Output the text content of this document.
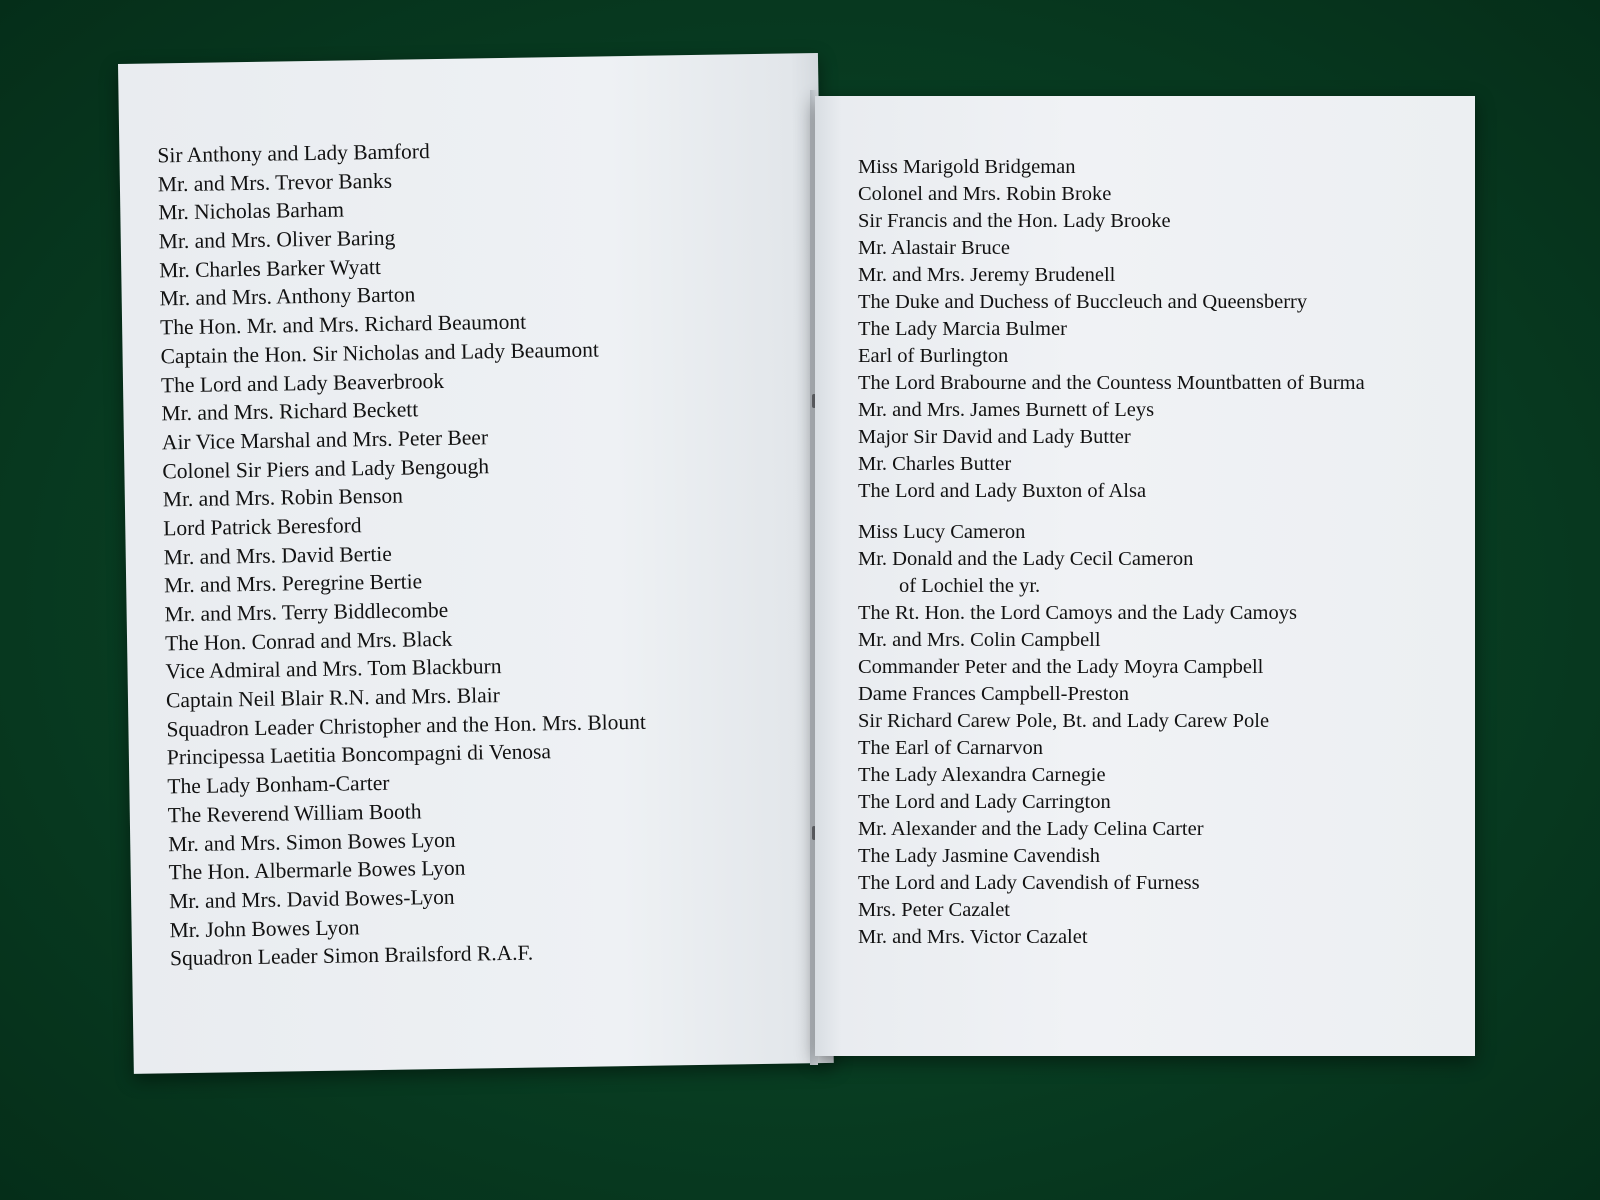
Sir Anthony and Lady Bamford
Mr. and Mrs. Trevor Banks
Mr. Nicholas Barham
Mr. and Mrs. Oliver Baring
Mr. Charles Barker Wyatt
Mr. and Mrs. Anthony Barton
The Hon. Mr. and Mrs. Richard Beaumont
Captain the Hon. Sir Nicholas and Lady Beaumont
The Lord and Lady Beaverbrook
Mr. and Mrs. Richard Beckett
Air Vice Marshal and Mrs. Peter Beer
Colonel Sir Piers and Lady Bengough
Mr. and Mrs. Robin Benson
Lord Patrick Beresford
Mr. and Mrs. David Bertie
Mr. and Mrs. Peregrine Bertie
Mr. and Mrs. Terry Biddlecombe
The Hon. Conrad and Mrs. Black
Vice Admiral and Mrs. Tom Blackburn
Captain Neil Blair R.N. and Mrs. Blair
Squadron Leader Christopher and the Hon. Mrs. Blount
Principessa Laetitia Boncompagni di Venosa
The Lady Bonham-Carter
The Reverend William Booth
Mr. and Mrs. Simon Bowes Lyon
The Hon. Albermarle Bowes Lyon
Mr. and Mrs. David Bowes-Lyon
Mr. John Bowes Lyon
Squadron Leader Simon Brailsford R.A.F.
Miss Marigold Bridgeman
Colonel and Mrs. Robin Broke
Sir Francis and the Hon. Lady Brooke
Mr. Alastair Bruce
Mr. and Mrs. Jeremy Brudenell
The Duke and Duchess of Buccleuch and Queensberry
The Lady Marcia Bulmer
Earl of Burlington
The Lord Brabourne and the Countess Mountbatten of Burma
Mr. and Mrs. James Burnett of Leys
Major Sir David and Lady Butter
Mr. Charles Butter
The Lord and Lady Buxton of Alsa
Miss Lucy Cameron
Mr. Donald and the Lady Cecil Cameron
of Lochiel the yr.
The Rt. Hon. the Lord Camoys and the Lady Camoys
Mr. and Mrs. Colin Campbell
Commander Peter and the Lady Moyra Campbell
Dame Frances Campbell-Preston
Sir Richard Carew Pole, Bt. and Lady Carew Pole
The Earl of Carnarvon
The Lady Alexandra Carnegie
The Lord and Lady Carrington
Mr. Alexander and the Lady Celina Carter
The Lady Jasmine Cavendish
The Lord and Lady Cavendish of Furness
Mrs. Peter Cazalet
Mr. and Mrs. Victor Cazalet
